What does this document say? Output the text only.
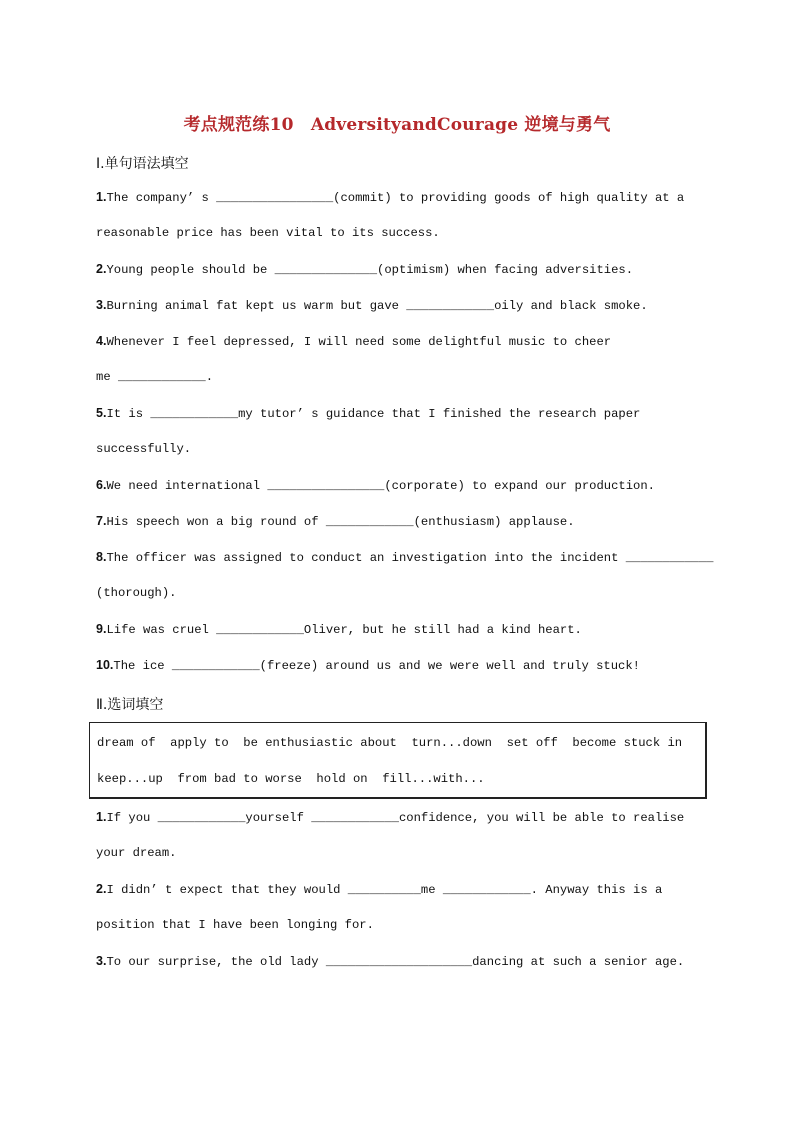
考点规范练10　AdversityandCourage 逆境与勇气
Ⅰ.单句语法填空
1.The company’ s ________________(commit) to providing goods of high quality at a
reasonable price has been vital to its success.
2.Young people should be ______________(optimism) when facing adversities.
3.Burning animal fat kept us warm but gave ____________oily and black smoke.
4.Whenever I feel depressed, I will need some delightful music to cheer
me ____________.
5.It is ____________my tutor’ s guidance that I finished the research paper
successfully.
6.We need international ________________(corporate) to expand our production.
7.His speech won a big round of ____________(enthusiasm) applause.
8.The officer was assigned to conduct an investigation into the incident ____________
(thorough).
9.Life was cruel ____________Oliver, but he still had a kind heart.
10.The ice ____________(freeze) around us and we were well and truly stuck!
Ⅱ.选词填空
dream of  apply to  be enthusiastic about  turn...down  set off  become stuck in
keep...up  from bad to worse  hold on  fill...with...
1.If you ____________yourself ____________confidence, you will be able to realise
your dream.
2.I didn’ t expect that they would __________me ____________. Anyway this is a
position that I have been longing for.
3.To our surprise, the old lady ____________________dancing at such a senior age.
